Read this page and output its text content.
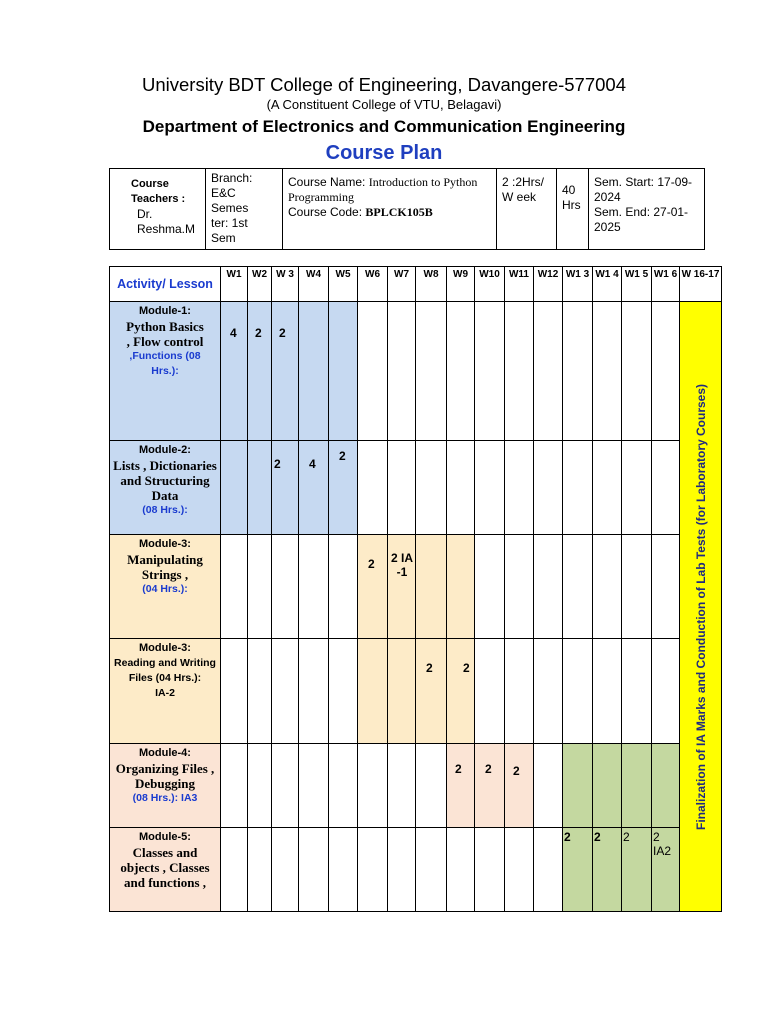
University BDT College of Engineering, Davangere-577004
(A Constituent College of VTU, Belagavi)
Department of Electronics and Communication Engineering
Course Plan
Course Teachers :
Dr. Reshma.M
	Branch: E&C

Semes ter: 1st Sem
	Course Name: Introduction to Python Programming
Course Code: BPLCK105B	
2 :2Hrs/W eek	40 Hrs

Sem. Start: 17-09-2024
Sem. End: 27-01-2025
Activity/ Lesson	W1	W2	W 3	W4	W5	W6	W7	W8	W9	W10	W11	W12	W1 3	W1 4	W1 5	W1 6	W 16-17

Module-1:
Python Basics , Flow control
,Functions (08 Hrs.):	4	2	2														Finalization of IA Marks and Conduction of Lab Tests (for Laboratory Courses)

Module-2:
Lists , Dictionaries and Structuring Data
(08 Hrs.):			2	4	2												

Module-3:
Manipulating Strings ,
(04 Hrs.):						2	2 IA-1										

Module-3:
Reading and Writing Files (04 Hrs.):
IA-2								2	2								

Module-4:
Organizing Files , Debugging
(08 Hrs.): IA3									2	2	2						

Module-5:
Classes and objects , Classes and functions ,													2	2	2	2 IA2	
